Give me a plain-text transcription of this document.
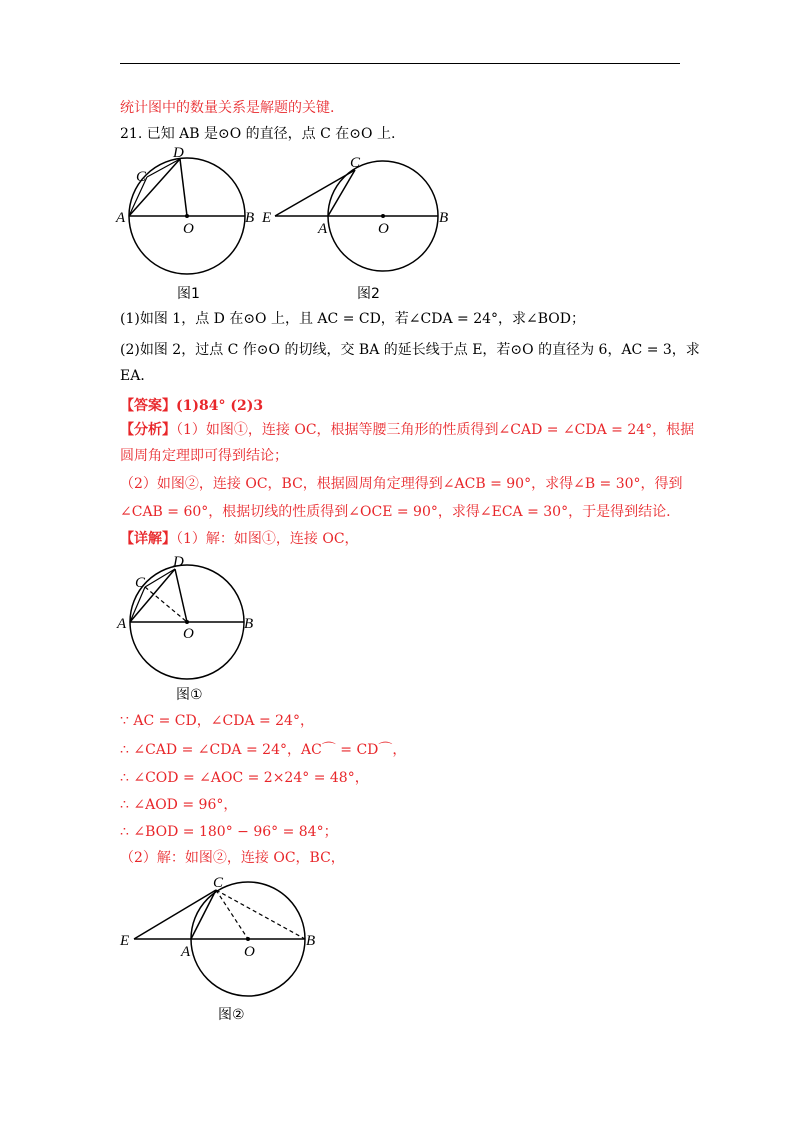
统计图中的数量关系是解题的关键.
21. 已知 AB 是⊙O 的直径，点 C 在⊙O 上.
D
C
A
O
B
图1
C
E
A	O
B
图2
(1)如图 1，点 D 在⊙O 上，且 AC = CD，若∠CDA = 24°，求∠BOD；
(2)如图 2，过点 C 作⊙O 的切线，交 BA 的延长线于点 E，若⊙O 的直径为 6，AC = 3，求
EA．
【答案】(1)84° (2)3
【分析】（1）如图①，连接 OC，根据等腰三角形的性质得到∠CAD = ∠CDA = 24°，根据
圆周角定理即可得到结论；
（2）如图②，连接 OC，BC，根据圆周角定理得到∠ACB = 90°，求得∠B = 30°，得到
∠CAB = 60°，根据切线的性质得到∠OCE = 90°，求得∠ECA = 30°，于是得到结论.
【详解】（1）解：如图①，连接 OC，
D
C
A
O
B
图①
∵ AC = CD，∠CDA = 24°，
∴ ∠CAD = ∠CDA = 24°，AC⌒ = CD⌒，
∴ ∠COD = ∠AOC = 2×24° = 48°，
∴ ∠AOD = 96°，
∴ ∠BOD = 180° − 96° = 84°；
（2）解：如图②，连接 OC，BC，
C
E
A	O
B
图②
